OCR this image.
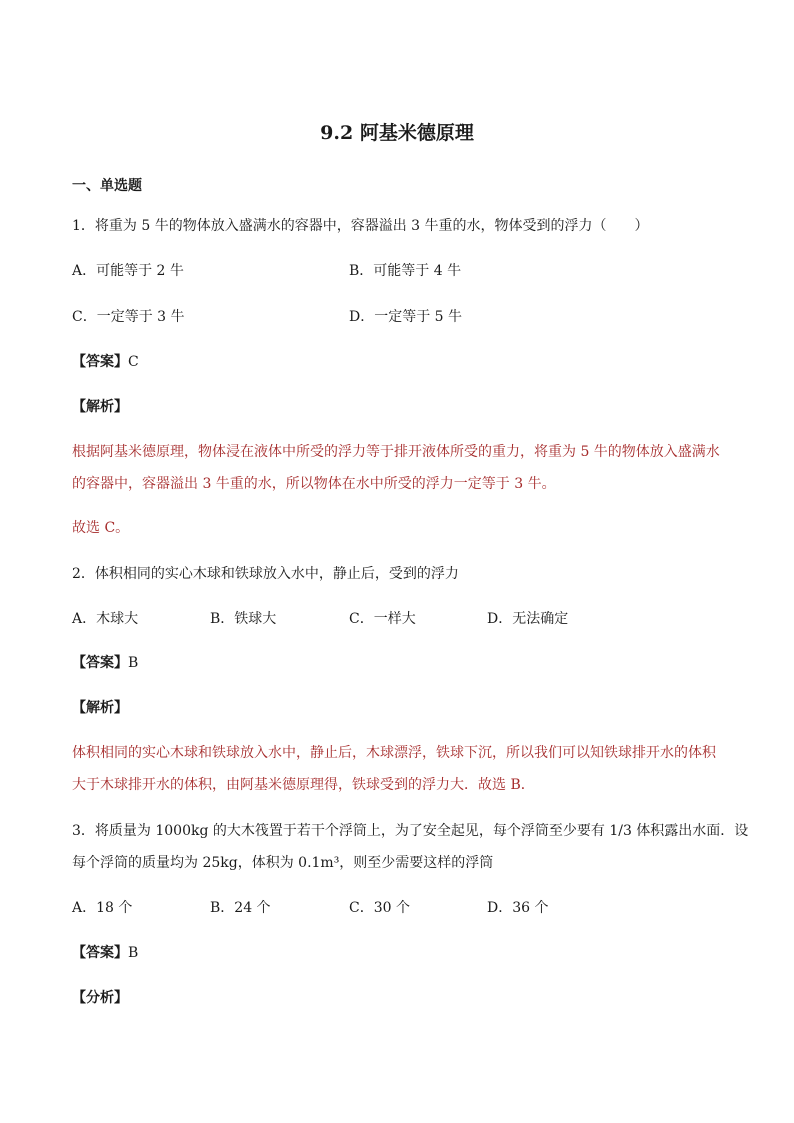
9.2 阿基米德原理
一、单选题
1．将重为 5 牛的物体放入盛满水的容器中，容器溢出 3 牛重的水，物体受到的浮力（　　）
A．可能等于 2 牛	B．可能等于 4 牛
C．一定等于 3 牛	D．一定等于 5 牛
【答案】C
【解析】
根据阿基米德原理，物体浸在液体中所受的浮力等于排开液体所受的重力，将重为 5 牛的物体放入盛满水
的容器中，容器溢出 3 牛重的水，所以物体在水中所受的浮力一定等于 3 牛。
故选 C。
2．体积相同的实心木球和铁球放入水中，静止后，受到的浮力
A．木球大	B．铁球大	C．一样大	D．无法确定
【答案】B
【解析】
体积相同的实心木球和铁球放入水中，静止后，木球漂浮，铁球下沉，所以我们可以知铁球排开水的体积
大于木球排开水的体积，由阿基米德原理得，铁球受到的浮力大．故选 B．
3．将质量为 1000kg 的大木筏置于若干个浮筒上，为了安全起见，每个浮筒至少要有 1/3 体积露出水面．设
每个浮筒的质量均为 25kg，体积为 0.1m³，则至少需要这样的浮筒
A．18 个	B．24 个	C．30 个	D．36 个
【答案】B
【分析】
